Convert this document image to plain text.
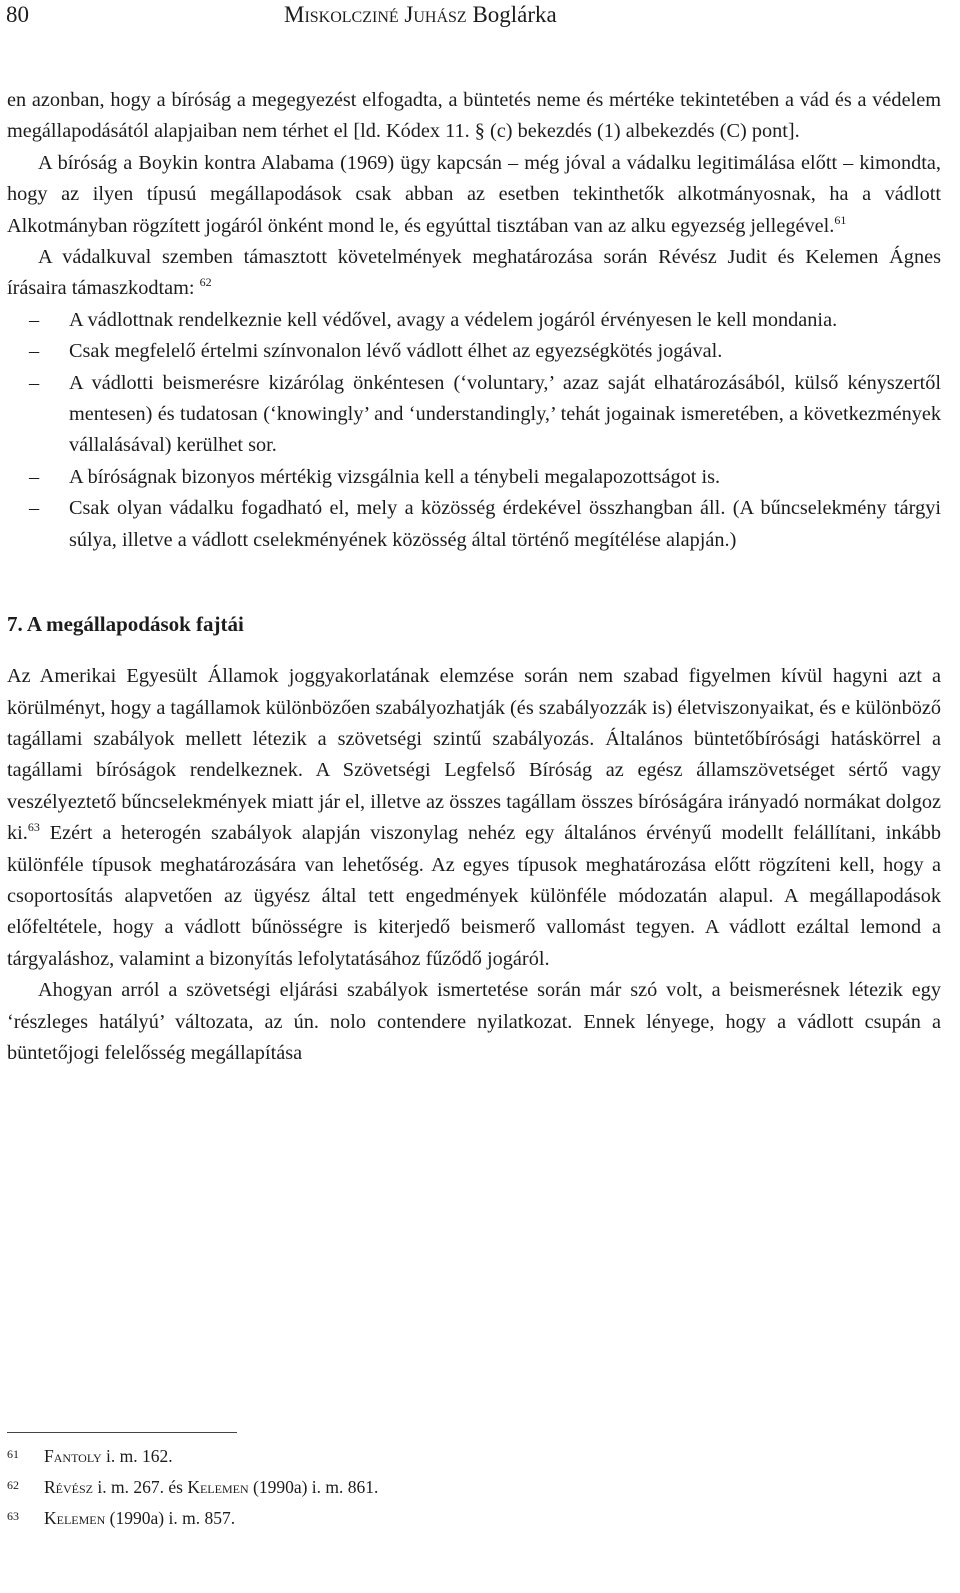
80	Miskolcziné Juhász Boglárka

en azonban, hogy a bíróság a megegyezést elfogadta, a büntetés neme és mértéke tekintetében a vád és a védelem megállapodásától alapjaiban nem térhet el [ld. Kódex 11. § (c) bekezdés (1) albekezdés (C) pont].

A bíróság a Boykin kontra Alabama (1969) ügy kapcsán – még jóval a vádalku legitimálása előtt – kimondta, hogy az ilyen típusú megállapodások csak abban az esetben tekinthetők alkotmányosnak, ha a vádlott Alkotmányban rögzített jogáról önként mond le, és egyúttal tisztában van az alku egyezség jellegével.$^{61}$

A vádalkuval szemben támasztott követelmények meghatározása során Révész Judit és Kelemen Ágnes írásaira támaszkodtam: $^{62}$

– A vádlottnak rendelkeznie kell védővel, avagy a védelem jogáról érvényesen le kell mondania.
– Csak megfelelő értelmi színvonalon lévő vádlott élhet az egyezségkötés jogával.
– A vádlotti beismerésre kizárólag önkéntesen (‘voluntary,’ azaz saját elhatározásából, külső kényszertől mentesen) és tudatosan (‘knowingly’ and ‘understandingly,’ tehát jogainak ismeretében, a következmények vállalásával) kerülhet sor.
– A bíróságnak bizonyos mértékig vizsgálnia kell a ténybeli megalapozottságot is.
– Csak olyan vádalku fogadható el, mely a közösség érdekével összhangban áll. (A bűncselekmény tárgyi súlya, illetve a vádlott cselekményének közösség által történő megítélése alapján.)
7. A megállapodások fajtái

Az Amerikai Egyesült Államok joggyakorlatának elemzése során nem szabad figyelmen kívül hagyni azt a körülményt, hogy a tagállamok különbözően szabályozhatják (és szabályozzák is) életviszonyaikat, és e különböző tagállami szabályok mellett létezik a szövetségi szintű szabályozás. Általános büntetőbírósági hatáskörrel a tagállami bíróságok rendelkeznek. A Szövetségi Legfelső Bíróság az egész államszövetséget sértő vagy veszélyeztető bűncselekmények miatt jár el, illetve az összes tagállam összes bíróságára irányadó normákat dolgoz ki.$^{63}$ Ezért a heterogén szabályok alapján viszonylag nehéz egy általános érvényű modellt felállítani, inkább különféle típusok meghatározására van lehetőség. Az egyes típusok meghatározása előtt rögzíteni kell, hogy a csoportosítás alapvetően az ügyész által tett engedmények különféle módozatán alapul. A megállapodások előfeltétele, hogy a vádlott bűnösségre is kiterjedő beismerő vallomást tegyen. A vádlott ezáltal lemond a tárgyaláshoz, valamint a bizonyítás lefolytatásához fűződő jogáról.

Ahogyan arról a szövetségi eljárási szabályok ismertetése során már szó volt, a beismerésnek létezik egy ‘részleges hatályú’ változata, az ún. nolo contendere nyilatkozat. Ennek lényege, hogy a vádlott csupán a büntetőjogi felelősség megállapítása

61 Fantoly i. m. 162.
62 Révész i. m. 267. és Kelemen (1990a) i. m. 861.
63 Kelemen (1990a) i. m. 857.
